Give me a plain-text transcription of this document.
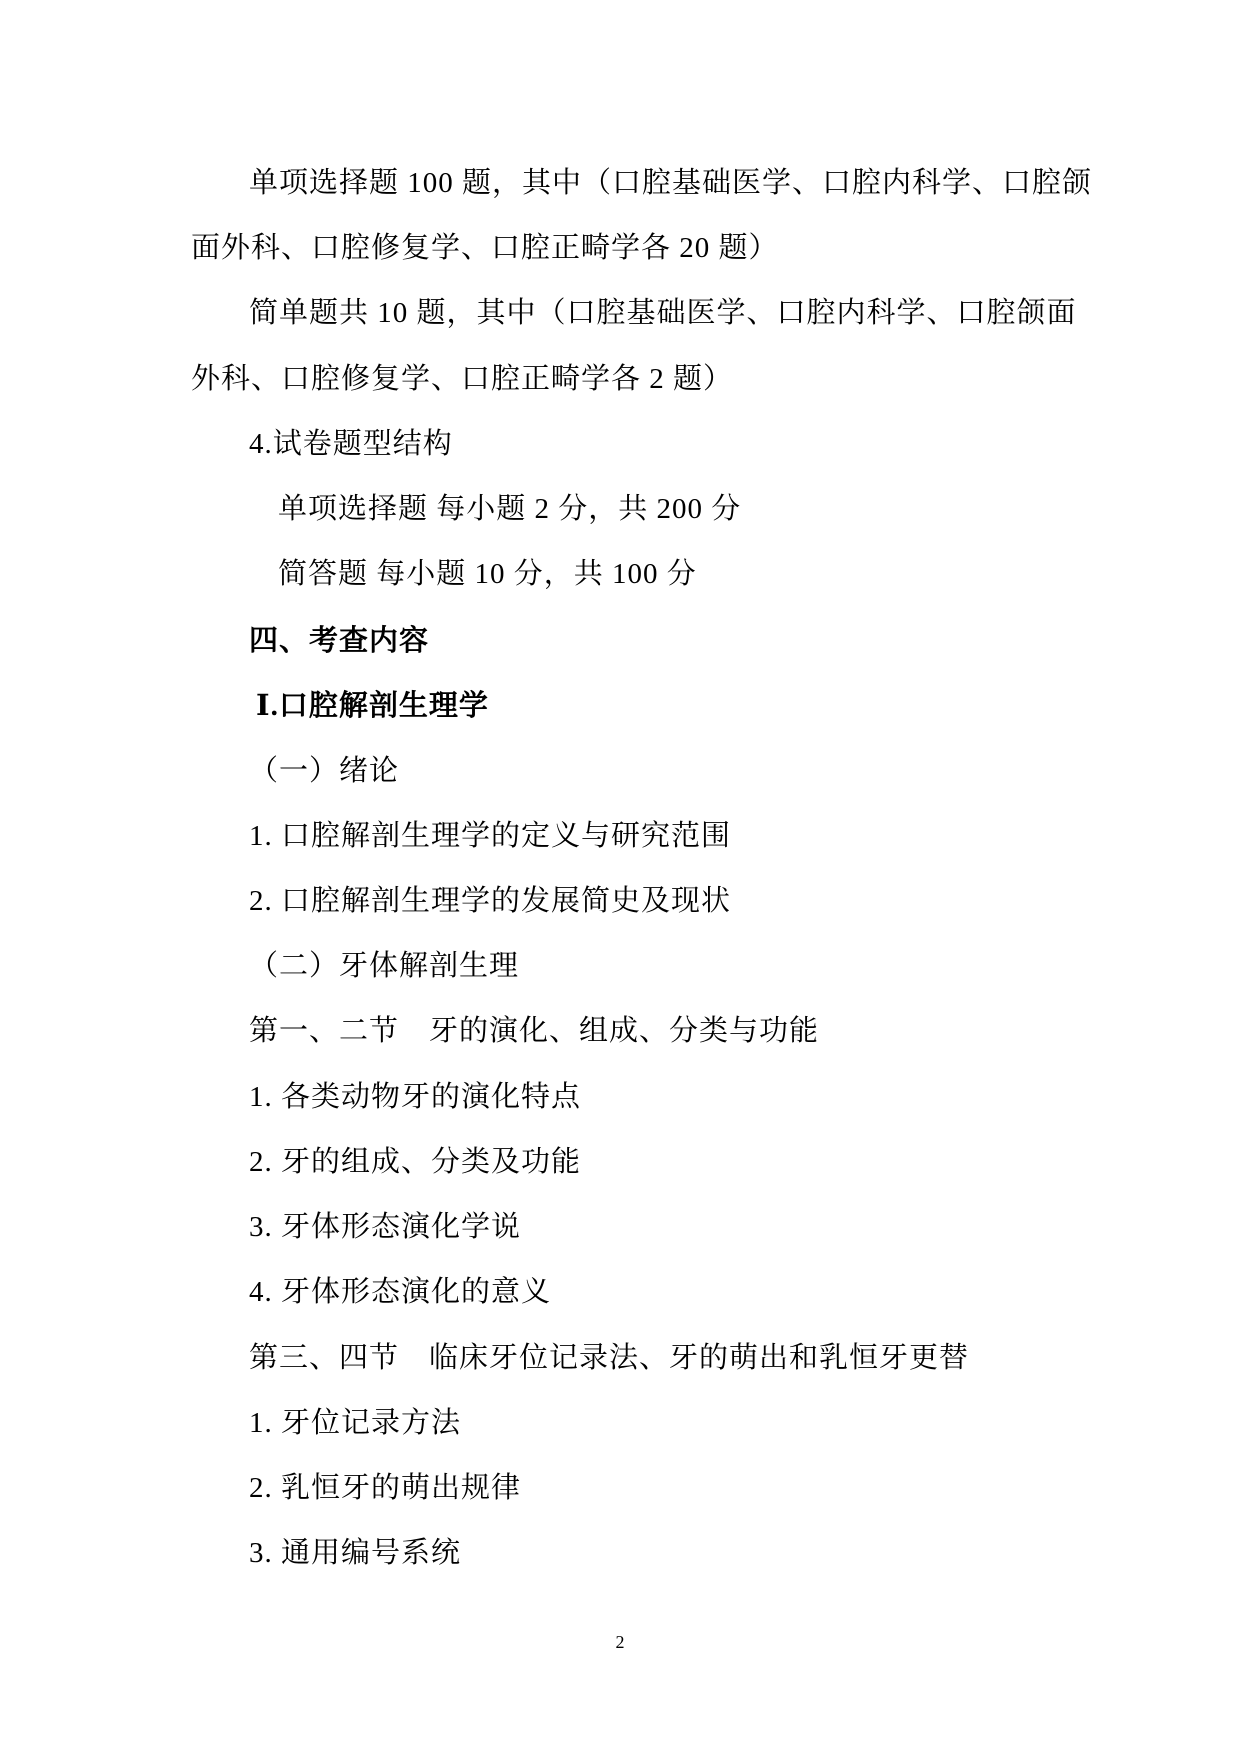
单项选择题 100 题，其中（口腔基础医学、口腔内科学、口腔颌
面外科、口腔修复学、口腔正畸学各 20 题）
简单题共 10 题，其中（口腔基础医学、口腔内科学、口腔颌面
外科、口腔修复学、口腔正畸学各 2 题）
4.试卷题型结构
单项选择题 每小题 2 分，共 200 分
简答题 每小题 10 分，共 100 分
四、考查内容
Ⅰ.口腔解剖生理学
（一）绪论
1. 口腔解剖生理学的定义与研究范围
2. 口腔解剖生理学的发展简史及现状
（二）牙体解剖生理
第一、二节　牙的演化、组成、分类与功能
1. 各类动物牙的演化特点
2. 牙的组成、分类及功能
3. 牙体形态演化学说
4. 牙体形态演化的意义
第三、四节　临床牙位记录法、牙的萌出和乳恒牙更替
1. 牙位记录方法
2. 乳恒牙的萌出规律
3. 通用编号系统
2
